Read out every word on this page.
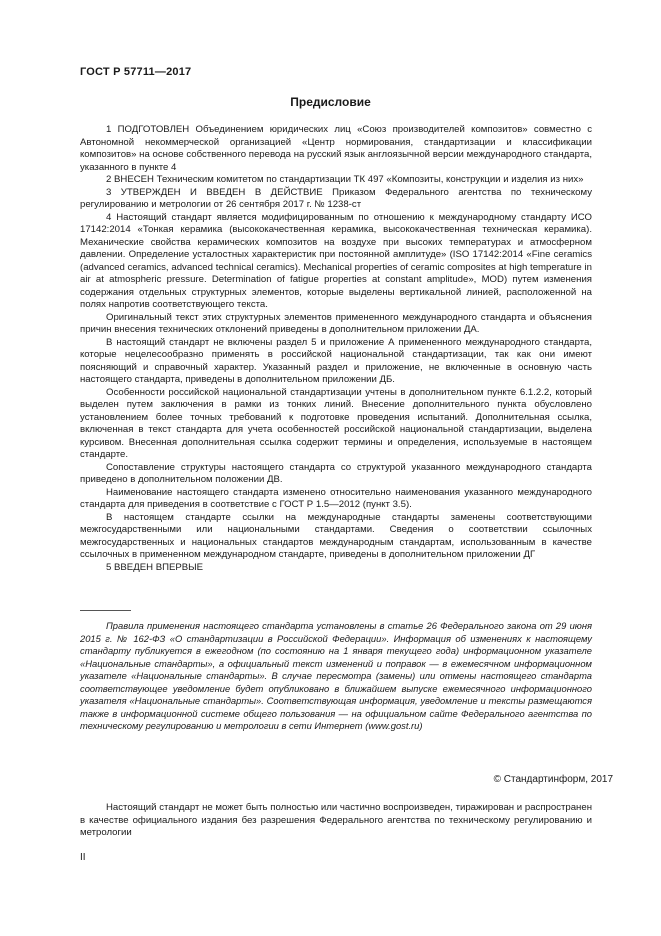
ГОСТ Р 57711—2017
Предисловие

1 ПОДГОТОВЛЕН Объединением юридических лиц «Союз производителей композитов» совместно с Автономной некоммерческой организацией «Центр нормирования, стандартизации и классификации композитов» на основе собственного перевода на русский язык англоязычной версии международного стандарта, указанного в пункте 4

2 ВНЕСЕН Техническим комитетом по стандартизации ТК 497 «Композиты, конструкции и изделия из них»

3 УТВЕРЖДЕН И ВВЕДЕН В ДЕЙСТВИЕ Приказом Федерального агентства по техническому регулированию и метрологии от 26 сентября 2017 г. № 1238-ст

4 Настоящий стандарт является модифицированным по отношению к международному стандарту ИСО 17142:2014 «Тонкая керамика (высококачественная керамика, высококачественная техническая керамика). Механические свойства керамических композитов на воздухе при высоких температурах и атмосферном давлении. Определение усталостных характеристик при постоянной амплитуде» (ISO 17142:2014 «Fine ceramics (advanced ceramics, advanced technical ceramics). Mechanical properties of ceramic composites at high temperature in air at atmospheric pressure. Determination of fatigue properties at constant amplitude», MOD) путем изменения содержания отдельных структурных элементов, которые выделены вертикальной линией, расположенной на полях напротив соответствующего текста.

Оригинальный текст этих структурных элементов примененного международного стандарта и объяснения причин внесения технических отклонений приведены в дополнительном приложении ДА.

В настоящий стандарт не включены раздел 5 и приложение А примененного международного стандарта, которые нецелесообразно применять в российской национальной стандартизации, так как они имеют поясняющий и справочный характер. Указанный раздел и приложение, не включенные в основную часть настоящего стандарта, приведены в дополнительном приложении ДБ.

Особенности российской национальной стандартизации учтены в дополнительном пункте 6.1.2.2, который выделен путем заключения в рамки из тонких линий. Внесение дополнительного пункта обусловлено установлением более точных требований к подготовке проведения испытаний. Дополнительная ссылка, включенная в текст стандарта для учета особенностей российской национальной стандартизации, выделена курсивом. Внесенная дополнительная ссылка содержит термины и определения, используемые в настоящем стандарте.

Сопоставление структуры настоящего стандарта со структурой указанного международного стандарта приведено в дополнительном положении ДВ.

Наименование настоящего стандарта изменено относительно наименования указанного международного стандарта для приведения в соответствие с ГОСТ Р 1.5—2012 (пункт 3.5).

В настоящем стандарте ссылки на международные стандарты заменены соответствующими межгосударственными или национальными стандартами. Сведения о соответствии ссылочных межгосударственных и национальных стандартов международным стандартам, использованным в качестве ссылочных в примененном международном стандарте, приведены в дополнительном приложении ДГ

5 ВВЕДЕН ВПЕРВЫЕ

Правила применения настоящего стандарта установлены в статье 26 Федерального закона от 29 июня 2015 г. № 162-ФЗ «О стандартизации в Российской Федерации». Информация об изменениях к настоящему стандарту публикуется в ежегодном (по состоянию на 1 января текущего года) информационном указателе «Национальные стандарты», а официальный текст изменений и поправок — в ежемесячном информационном указателе «Национальные стандарты». В случае пересмотра (замены) или отмены настоящего стандарта соответствующее уведомление будет опубликовано в ближайшем выпуске ежемесячного информационного указателя «Национальные стандарты». Соответствующая информация, уведомление и тексты размещаются также в информационной системе общего пользования — на официальном сайте Федерального агентства по техническому регулированию и метрологии в сети Интернет (www.gost.ru)

© Стандартинформ, 2017

Настоящий стандарт не может быть полностью или частично воспроизведен, тиражирован и распространен в качестве официального издания без разрешения Федерального агентства по техническому регулированию и метрологии

II
